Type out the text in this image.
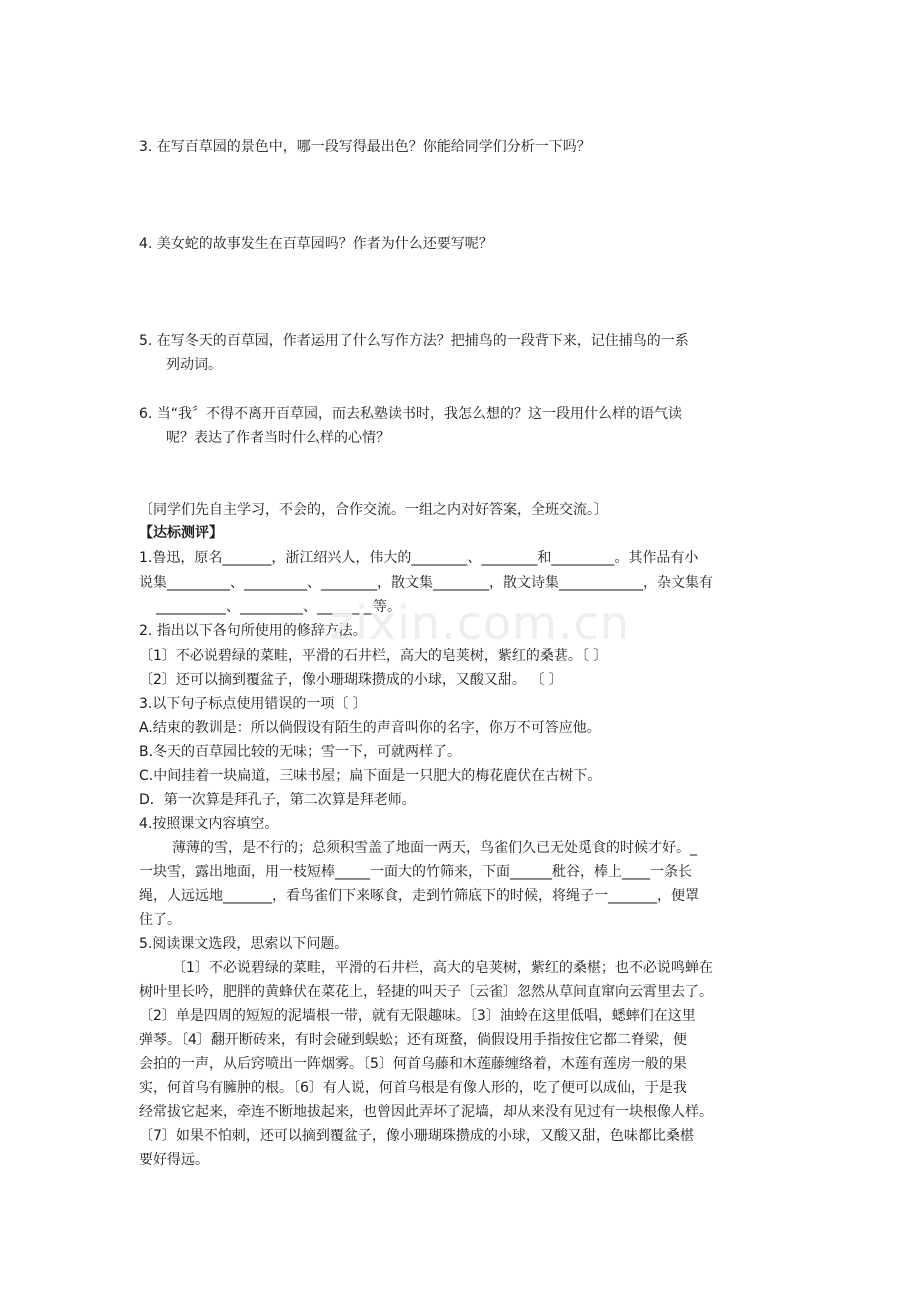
3. 在写百草园的景色中，哪一段写得最出色？你能给同学们分析一下吗？
4. 美女蛇的故事发生在百草园吗？作者为什么还要写呢？
5. 在写冬天的百草园，作者运用了什么写作方法？把捕鸟的一段背下来，记住捕鸟的一系
列动词。
6. 当“我〞不得不离开百草园，而去私塾读书时，我怎么想的？这一段用什么样的语气读
呢？表达了作者当时什么样的心情？
〔同学们先自主学习，不会的，合作交流。一组之内对好答案，全班交流。〕
【达标测评】
1.鲁迅，原名_______，浙江绍兴人，伟大的________、________和_________。其作品有小
说集_________、_________、________，散文集________，散文诗集____________，杂文集有
__________、_________、________等。
2. 指出以下各句所使用的修辞方法。
〔1〕不必说碧绿的菜畦，平滑的石井栏，高大的皂荚树，紫红的桑葚。〔 〕
〔2〕还可以摘到覆盆子，像小珊瑚珠攒成的小球，又酸又甜。 〔 〕
3.以下句子标点使用错误的一项〔 〕
A.结束的教训是：所以倘假设有陌生的声音叫你的名字，你万不可答应他。
B.冬天的百草园比较的无味；雪一下，可就两样了。
C.中间挂着一块扁道，三味书屋；扁下面是一只肥大的梅花鹿伏在古树下。
D．第一次算是拜孔子，第二次算是拜老师。
4.按照课文内容填空。
薄薄的雪，是不行的；总须积雪盖了地面一两天，鸟雀们久已无处觅食的时候才好。_
一块雪，露出地面，用一枝短棒_____一面大的竹筛来，下面______秕谷，棒上____一条长
绳，人远远地_______，看鸟雀们下来啄食，走到竹筛底下的时候，将绳子一_______，便罩
住了。
5.阅读课文选段，思索以下问题。
〔1〕不必说碧绿的菜畦，平滑的石井栏，高大的皂荚树，紫红的桑椹；也不必说鸣蝉在
树叶里长吟，肥胖的黄蜂伏在菜花上，轻捷的叫天子〔云雀〕忽然从草间直窜向云霄里去了。
〔2〕单是四周的短短的泥墙根一带，就有无限趣味。〔3〕油蛉在这里低唱，蟋蟀们在这里
弹琴。〔4〕翻开断砖来，有时会碰到蜈蚣；还有斑蝥，倘假设用手指按住它都二脊梁，便
会拍的一声，从后窍喷出一阵烟雾。〔5〕何首乌藤和木莲藤缠络着，木莲有莲房一般的果
实，何首乌有臃肿的根。〔6〕有人说，何首乌根是有像人形的，吃了便可以成仙，于是我
经常拔它起来，牵连不断地拔起来，也曾因此弄坏了泥墙，却从来没有见过有一块根像人样。
〔7〕如果不怕刺，还可以摘到覆盆子，像小珊瑚珠攒成的小球，又酸又甜，色味都比桑椹
要好得远。
zixin.com.cn
